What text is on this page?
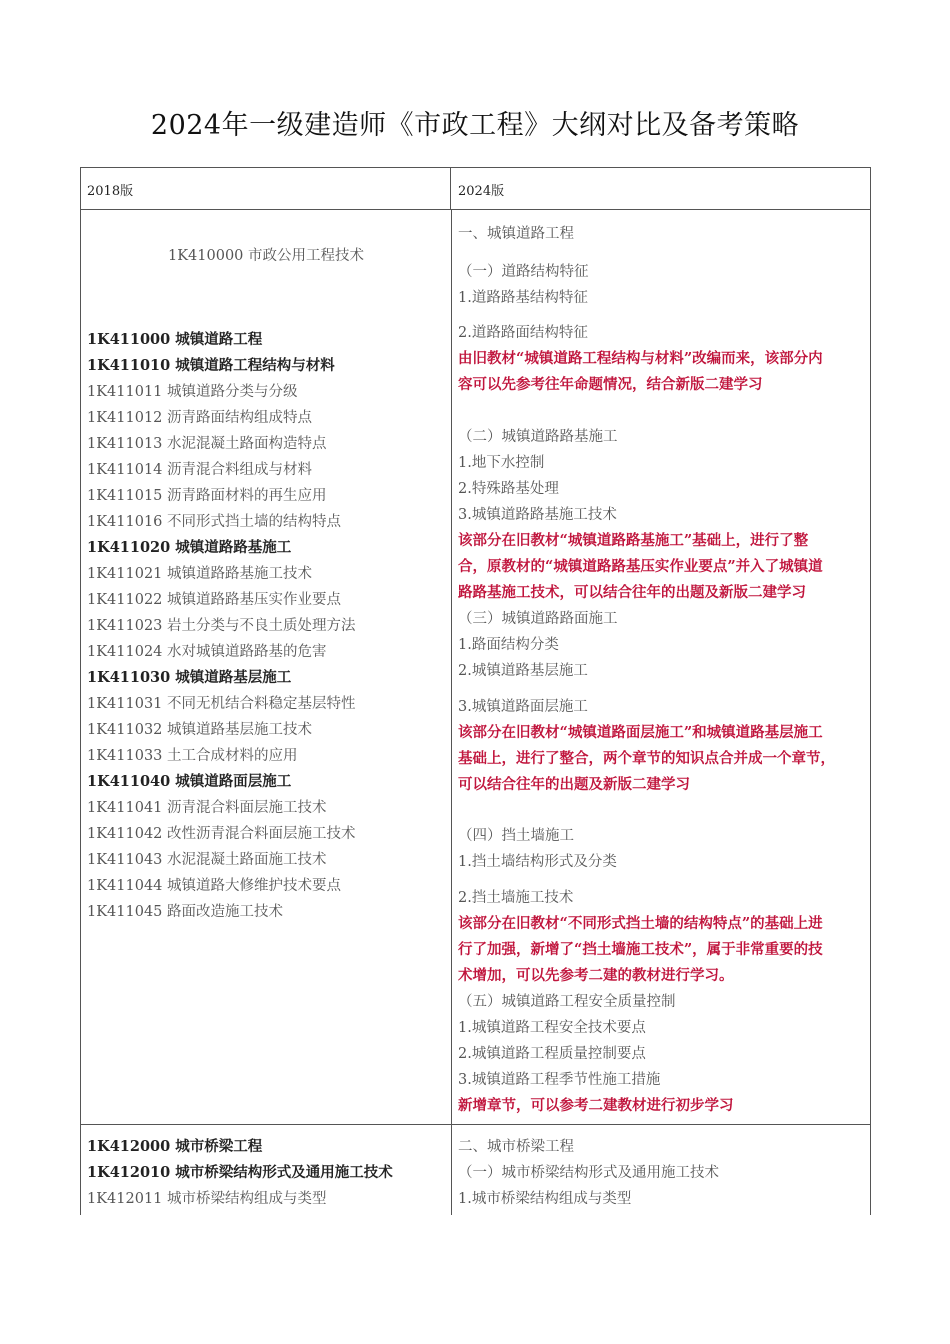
2024年一级建造师《市政工程》大纲对比及备考策略
2018版	2024版
1K410000 市政公用工程技术
1K411000 城镇道路工程
1K411010 城镇道路工程结构与材料
1K411011 城镇道路分类与分级
1K411012 沥青路面结构组成特点
1K411013 水泥混凝土路面构造特点
1K411014 沥青混合料组成与材料
1K411015 沥青路面材料的再生应用
1K411016 不同形式挡土墙的结构特点
1K411020 城镇道路路基施工
1K411021 城镇道路路基施工技术
1K411022 城镇道路路基压实作业要点
1K411023 岩土分类与不良土质处理方法
1K411024 水对城镇道路路基的危害
1K411030 城镇道路基层施工
1K411031 不同无机结合料稳定基层特性
1K411032 城镇道路基层施工技术
1K411033 土工合成材料的应用
1K411040 城镇道路面层施工
1K411041 沥青混合料面层施工技术
1K411042 改性沥青混合料面层施工技术
1K411043 水泥混凝土路面施工技术
1K411044 城镇道路大修维护技术要点
1K411045 路面改造施工技术
一、城镇道路工程
（一）道路结构特征
1.道路路基结构特征
2.道路路面结构特征
由旧教材“城镇道路工程结构与材料”改编而来，该部分内
容可以先参考往年命题情况，结合新版二建学习
（二）城镇道路路基施工
1.地下水控制
2.特殊路基处理
3.城镇道路路基施工技术
该部分在旧教材“城镇道路路基施工”基础上，进行了整
合，原教材的“城镇道路路基压实作业要点”并入了城镇道
路路基施工技术，可以结合往年的出题及新版二建学习
（三）城镇道路路面施工
1.路面结构分类
2.城镇道路基层施工
3.城镇道路面层施工
该部分在旧教材“城镇道路面层施工”和城镇道路基层施工
基础上，进行了整合，两个章节的知识点合并成一个章节，
可以结合往年的出题及新版二建学习
（四）挡土墙施工
1.挡土墙结构形式及分类
2.挡土墙施工技术
该部分在旧教材“不同形式挡土墙的结构特点”的基础上进
行了加强，新增了“挡土墙施工技术”，属于非常重要的技
术增加，可以先参考二建的教材进行学习。
（五）城镇道路工程安全质量控制
1.城镇道路工程安全技术要点
2.城镇道路工程质量控制要点
3.城镇道路工程季节性施工措施
新增章节，可以参考二建教材进行初步学习
1K412000 城市桥梁工程
1K412010 城市桥梁结构形式及通用施工技术
1K412011 城市桥梁结构组成与类型
二、城市桥梁工程
（一）城市桥梁结构形式及通用施工技术
1.城市桥梁结构组成与类型
